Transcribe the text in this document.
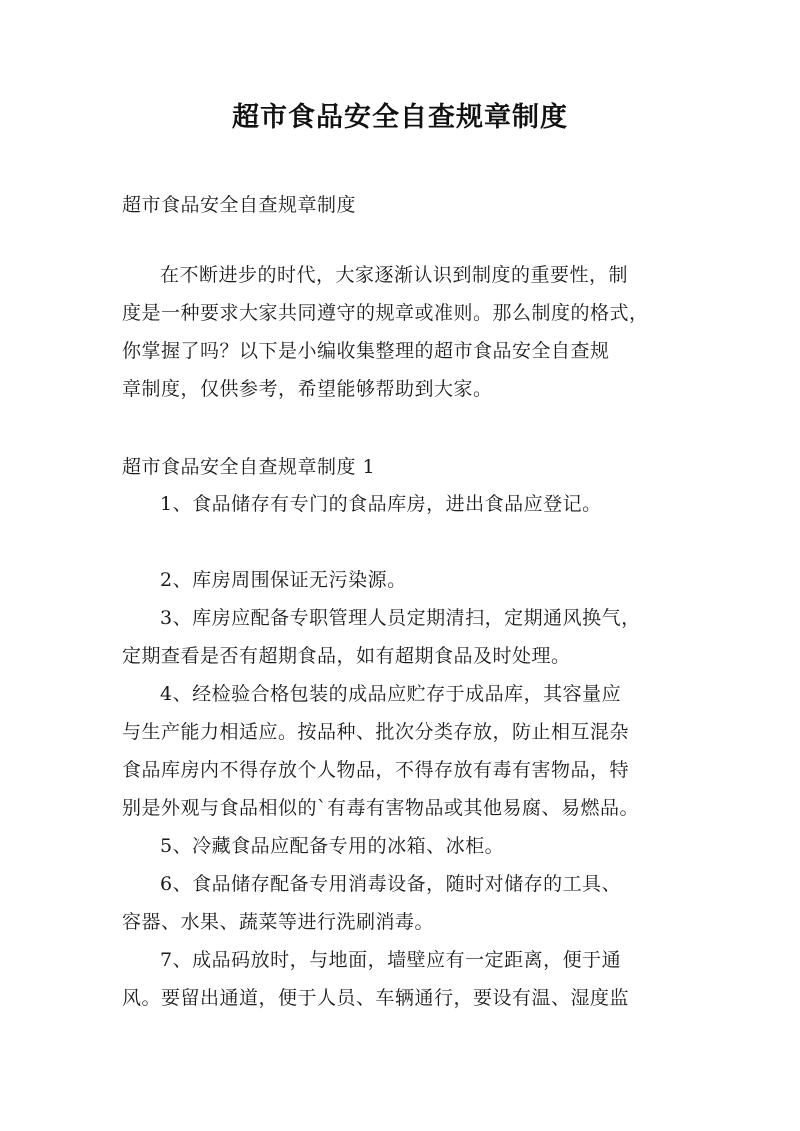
超市食品安全自查规章制度
超市食品安全自查规章制度
在不断进步的时代，大家逐渐认识到制度的重要性，制
度是一种要求大家共同遵守的规章或准则。那么制度的格式，
你掌握了吗？以下是小编收集整理的超市食品安全自查规
章制度，仅供参考，希望能够帮助到大家。
超市食品安全自查规章制度 1
1、食品储存有专门的食品库房，进出食品应登记。
2、库房周围保证无污染源。
3、库房应配备专职管理人员定期清扫，定期通风换气，
定期查看是否有超期食品，如有超期食品及时处理。
4、经检验合格包装的成品应贮存于成品库，其容量应
与生产能力相适应。按品种、批次分类存放，防止相互混杂
食品库房内不得存放个人物品，不得存放有毒有害物品，特
别是外观与食品相似的`有毒有害物品或其他易腐、易燃品。
5、冷藏食品应配备专用的冰箱、冰柜。
6、食品储存配备专用消毒设备，随时对储存的工具、
容器、水果、蔬菜等进行洗刷消毒。
7、成品码放时，与地面，墙壁应有一定距离，便于通
风。要留出通道，便于人员、车辆通行，要设有温、湿度监
